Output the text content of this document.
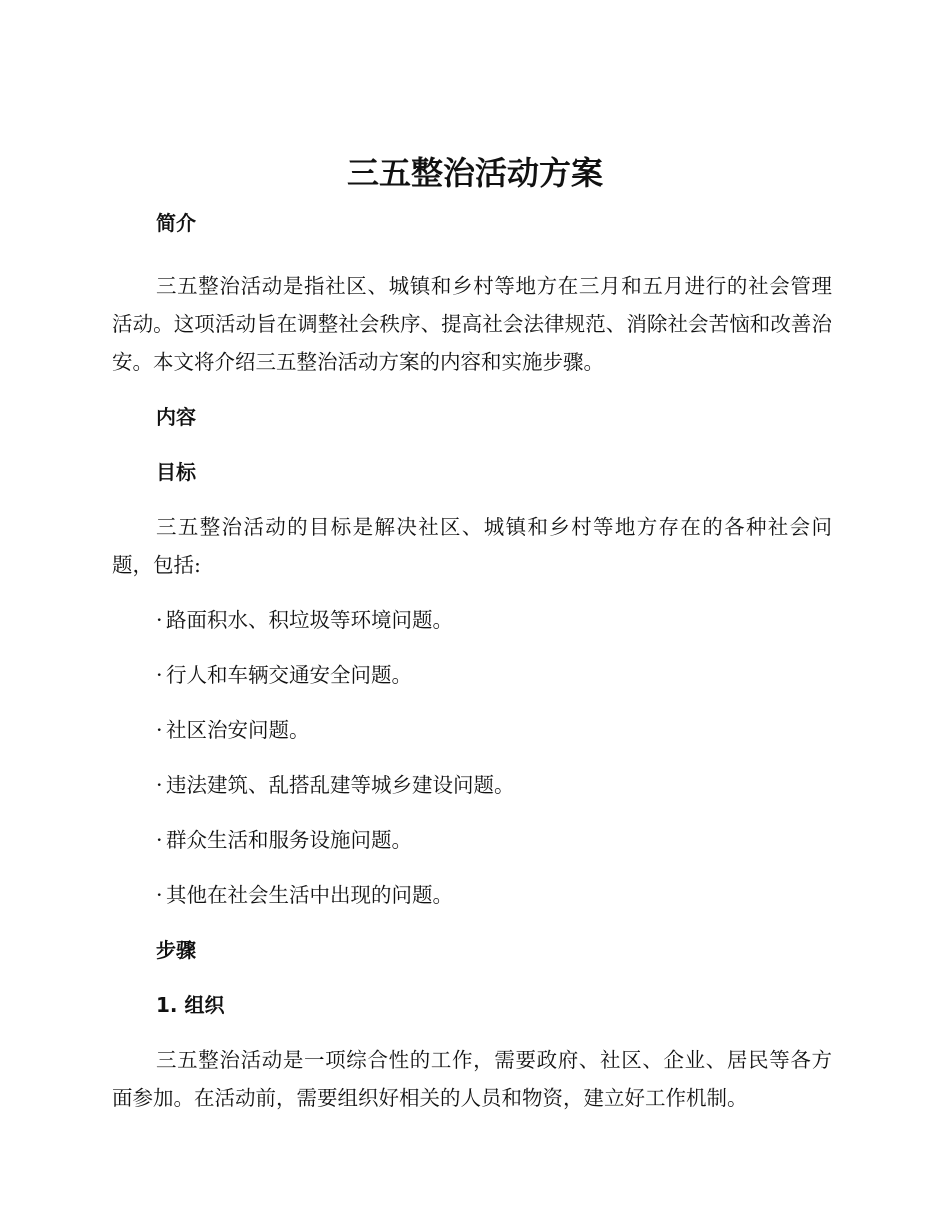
三五整治活动方案
简介

三五整治活动是指社区、城镇和乡村等地方在三月和五月进行的社会管理活动。这项活动旨在调整社会秩序、提高社会法律规范、消除社会苦恼和改善治安。本文将介绍三五整治活动方案的内容和实施步骤。

内容
目标

三五整治活动的目标是解决社区、城镇和乡村等地方存在的各种社会问题，包括:

· 路面积水、积垃圾等环境问题。
· 行人和车辆交通安全问题。
· 社区治安问题。
· 违法建筑、乱搭乱建等城乡建设问题。
· 群众生活和服务设施问题。
· 其他在社会生活中出现的问题。
步骤
1. 组织

三五整治活动是一项综合性的工作，需要政府、社区、企业、居民等各方面参加。在活动前，需要组织好相关的人员和物资，建立好工作机制。
